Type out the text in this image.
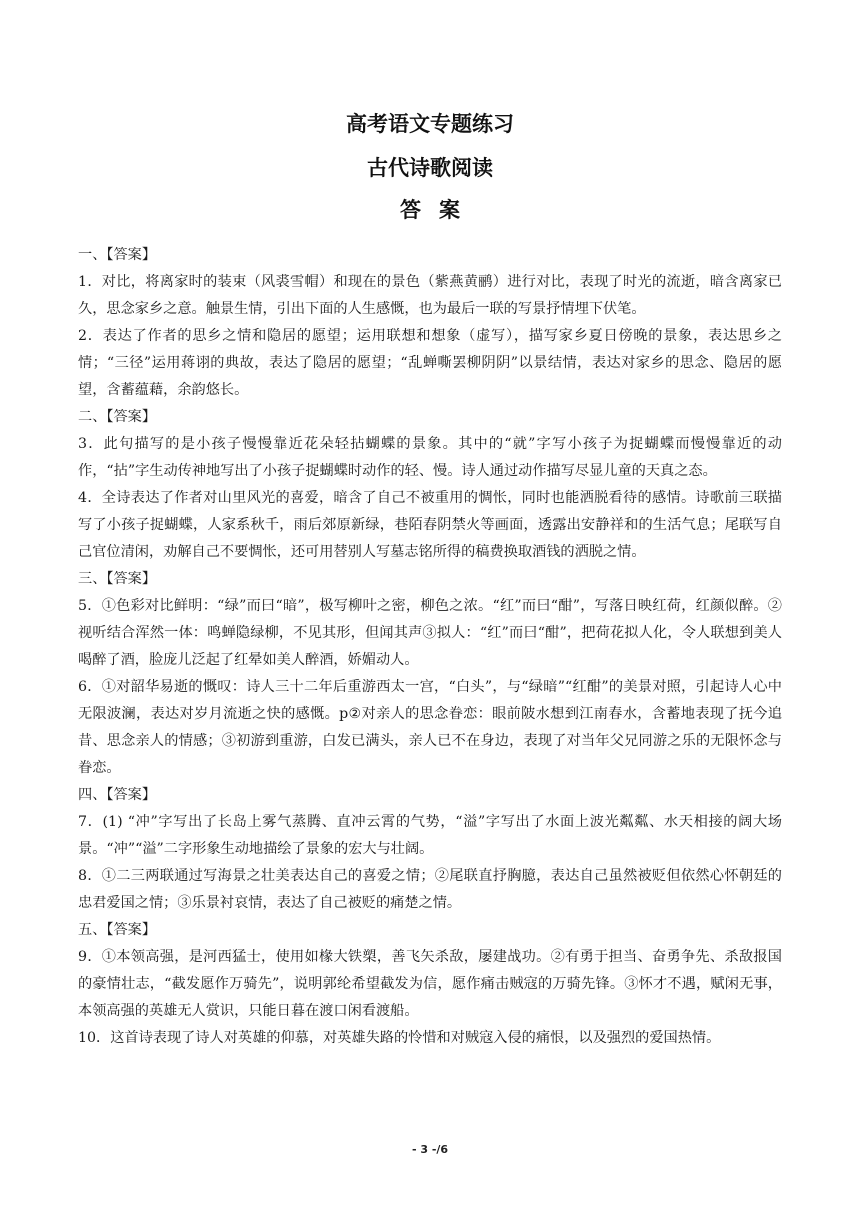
高考语文专题练习
古代诗歌阅读
答案
一、【答案】
1．对比，将离家时的装束（风裘雪帽）和现在的景色（紫燕黄鹂）进行对比，表现了时光的流逝，暗含离家已久，思念家乡之意。触景生情，引出下面的人生感慨，也为最后一联的写景抒情埋下伏笔。
2．表达了作者的思乡之情和隐居的愿望；运用联想和想象（虚写），描写家乡夏日傍晚的景象，表达思乡之情；“三径”运用蒋诩的典故，表达了隐居的愿望；“乱蝉嘶罢柳阴阴”以景结情，表达对家乡的思念、隐居的愿望，含蓄蕴藉，余韵悠长。
二、【答案】
3．此句描写的是小孩子慢慢靠近花朵轻拈蝴蝶的景象。其中的“就”字写小孩子为捉蝴蝶而慢慢靠近的动作，“拈”字生动传神地写出了小孩子捉蝴蝶时动作的轻、慢。诗人通过动作描写尽显儿童的天真之态。
4．全诗表达了作者对山里风光的喜爱，暗含了自己不被重用的惆怅，同时也能洒脱看待的感情。诗歌前三联描写了小孩子捉蝴蝶，人家系秋千，雨后郊原新绿，巷陌春阴禁火等画面，透露出安静祥和的生活气息；尾联写自己官位清闲，劝解自己不要惆怅，还可用替别人写墓志铭所得的稿费换取酒钱的洒脱之情。
三、【答案】
5．①色彩对比鲜明：“绿”而曰“暗”，极写柳叶之密，柳色之浓。“红”而曰“酣”，写落日映红荷，红颜似醉。②视听结合浑然一体：鸣蝉隐绿柳，不见其形，但闻其声③拟人：“红”而曰“酣”，把荷花拟人化，令人联想到美人喝醉了酒，脸庞儿泛起了红晕如美人醉酒，娇媚动人。
6．①对韶华易逝的慨叹：诗人三十二年后重游西太一宫，“白头”，与“绿暗”“红酣”的美景对照，引起诗人心中无限波澜，表达对岁月流逝之快的感慨。p②对亲人的思念眷恋：眼前陂水想到江南春水，含蓄地表现了抚今追昔、思念亲人的情感；③初游到重游，白发已满头，亲人已不在身边，表现了对当年父兄同游之乐的无限怀念与眷恋。
四、【答案】
7．(1) “冲”字写出了长岛上雾气蒸腾、直冲云霄的气势，“溢”字写出了水面上波光粼粼、水天相接的阔大场景。“冲”“溢”二字形象生动地描绘了景象的宏大与壮阔。
8．①二三两联通过写海景之壮美表达自己的喜爱之情；②尾联直抒胸臆，表达自己虽然被贬但依然心怀朝廷的忠君爱国之情；③乐景衬哀情，表达了自己被贬的痛楚之情。
五、【答案】
9．①本领高强，是河西猛士，使用如椽大铁槊，善飞矢杀敌，屡建战功。②有勇于担当、奋勇争先、杀敌报国的豪情壮志，“截发愿作万骑先”，说明郭纶希望截发为信，愿作痛击贼寇的万骑先锋。③怀才不遇，赋闲无事，本领高强的英雄无人赏识，只能日暮在渡口闲看渡船。
10．这首诗表现了诗人对英雄的仰慕，对英雄失路的怜惜和对贼寇入侵的痛恨，以及强烈的爱国热情。
- 3 -/6
